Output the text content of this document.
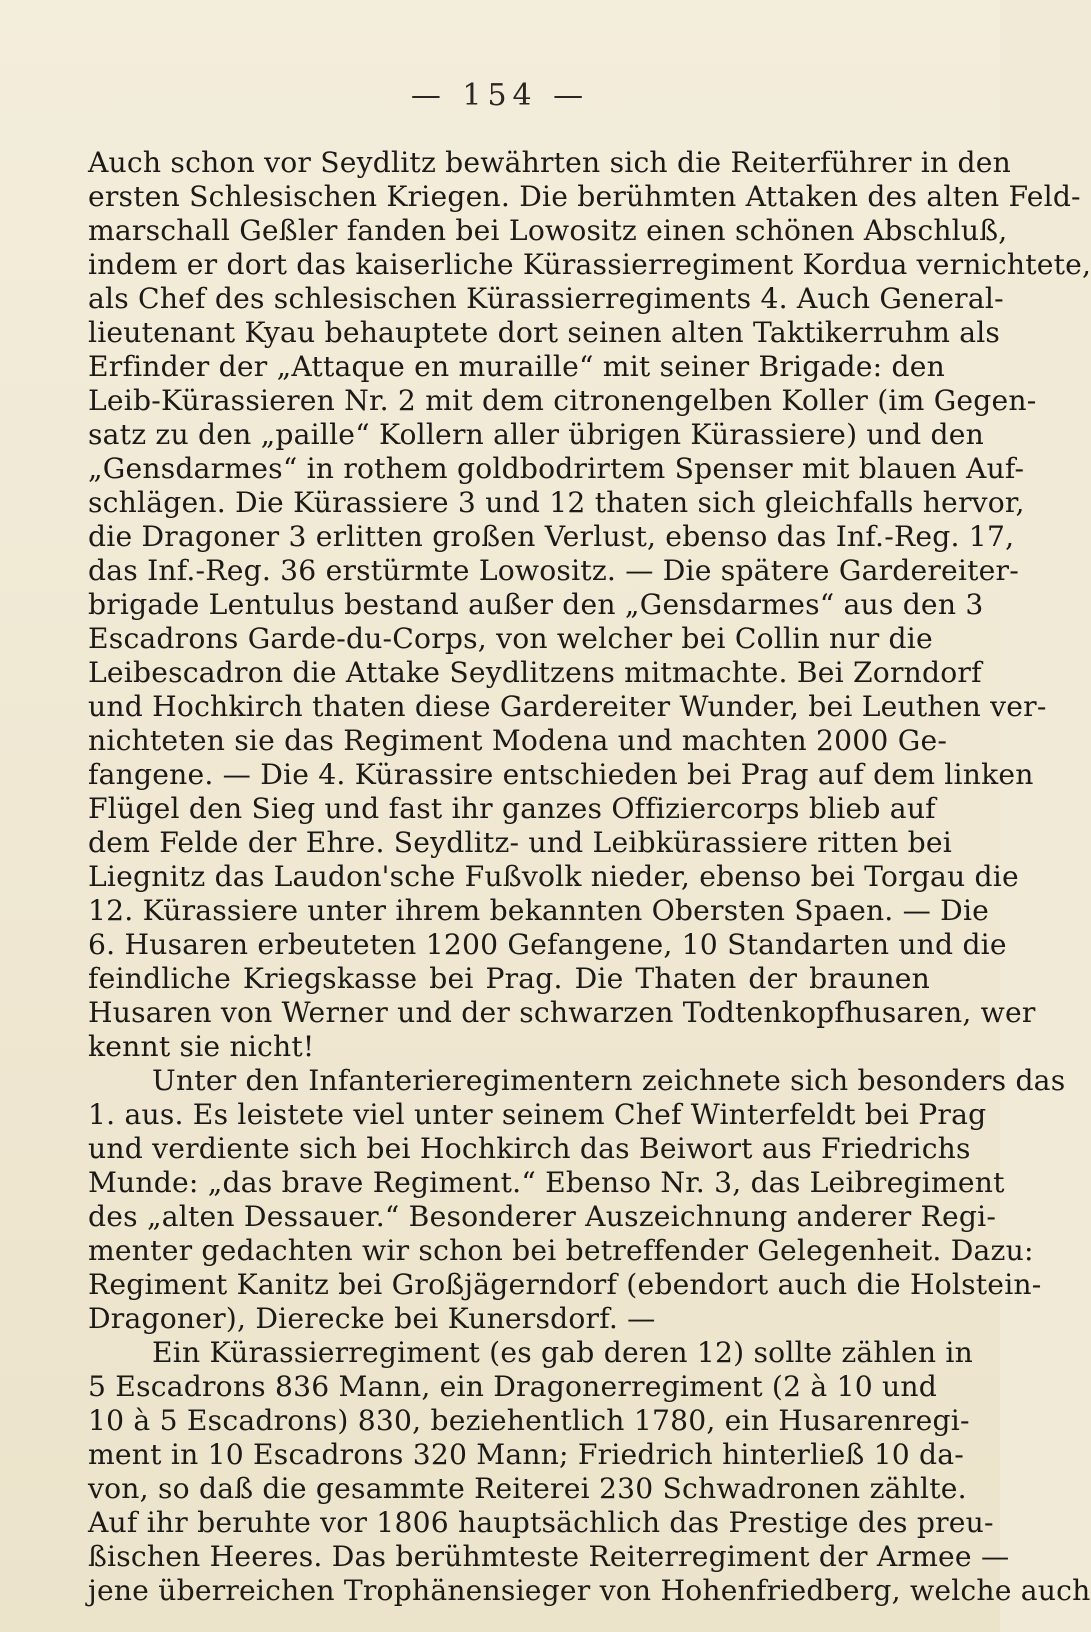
— 154 —
Auch schon vor Seydlitz bewährten sich die Reiterführer in den
ersten Schlesischen Kriegen. Die berühmten Attaken des alten Feld-
marschall Geßler fanden bei Lowositz einen schönen Abschluß,
indem er dort das kaiserliche Kürassierregiment Kordua vernichtete,
als Chef des schlesischen Kürassierregiments 4. Auch General-
lieutenant Kyau behauptete dort seinen alten Taktikerruhm als
Erfinder der „Attaque en muraille“ mit seiner Brigade: den
Leib-Kürassieren Nr. 2 mit dem citronengelben Koller (im Gegen-
satz zu den „paille“ Kollern aller übrigen Kürassiere) und den
„Gensdarmes“ in rothem goldbodrirtem Spenser mit blauen Auf-
schlägen. Die Kürassiere 3 und 12 thaten sich gleichfalls hervor,
die Dragoner 3 erlitten großen Verlust, ebenso das Inf.-Reg. 17,
das Inf.-Reg. 36 erstürmte Lowositz. — Die spätere Gardereiter-
brigade Lentulus bestand außer den „Gensdarmes“ aus den 3
Escadrons Garde-du-Corps, von welcher bei Collin nur die
Leibescadron die Attake Seydlitzens mitmachte. Bei Zorndorf
und Hochkirch thaten diese Gardereiter Wunder, bei Leuthen ver-
nichteten sie das Regiment Modena und machten 2000 Ge-
fangene. — Die 4. Kürassire entschieden bei Prag auf dem linken
Flügel den Sieg und fast ihr ganzes Offiziercorps blieb auf
dem Felde der Ehre. Seydlitz- und Leibkürassiere ritten bei
Liegnitz das Laudon'sche Fußvolk nieder, ebenso bei Torgau die
12. Kürassiere unter ihrem bekannten Obersten Spaen. — Die
6. Husaren erbeuteten 1200 Gefangene, 10 Standarten und die
feindliche Kriegskasse bei Prag. Die Thaten der braunen
Husaren von Werner und der schwarzen Todtenkopfhusaren, wer
kennt sie nicht!
Unter den Infanterieregimentern zeichnete sich besonders das
1. aus. Es leistete viel unter seinem Chef Winterfeldt bei Prag
und verdiente sich bei Hochkirch das Beiwort aus Friedrichs
Munde: „das brave Regiment.“ Ebenso Nr. 3, das Leibregiment
des „alten Dessauer.“ Besonderer Auszeichnung anderer Regi-
menter gedachten wir schon bei betreffender Gelegenheit. Dazu:
Regiment Kanitz bei Großjägerndorf (ebendort auch die Holstein-
Dragoner), Dierecke bei Kunersdorf. —
Ein Kürassierregiment (es gab deren 12) sollte zählen in
5 Escadrons 836 Mann, ein Dragonerregiment (2 à 10 und
10 à 5 Escadrons) 830, beziehentlich 1780, ein Husarenregi-
ment in 10 Escadrons 320 Mann; Friedrich hinterließ 10 da-
von, so daß die gesammte Reiterei 230 Schwadronen zählte.
Auf ihr beruhte vor 1806 hauptsächlich das Prestige des preu-
ßischen Heeres. Das berühmteste Reiterregiment der Armee —
jene überreichen Trophänensieger von Hohenfriedberg, welche auch
